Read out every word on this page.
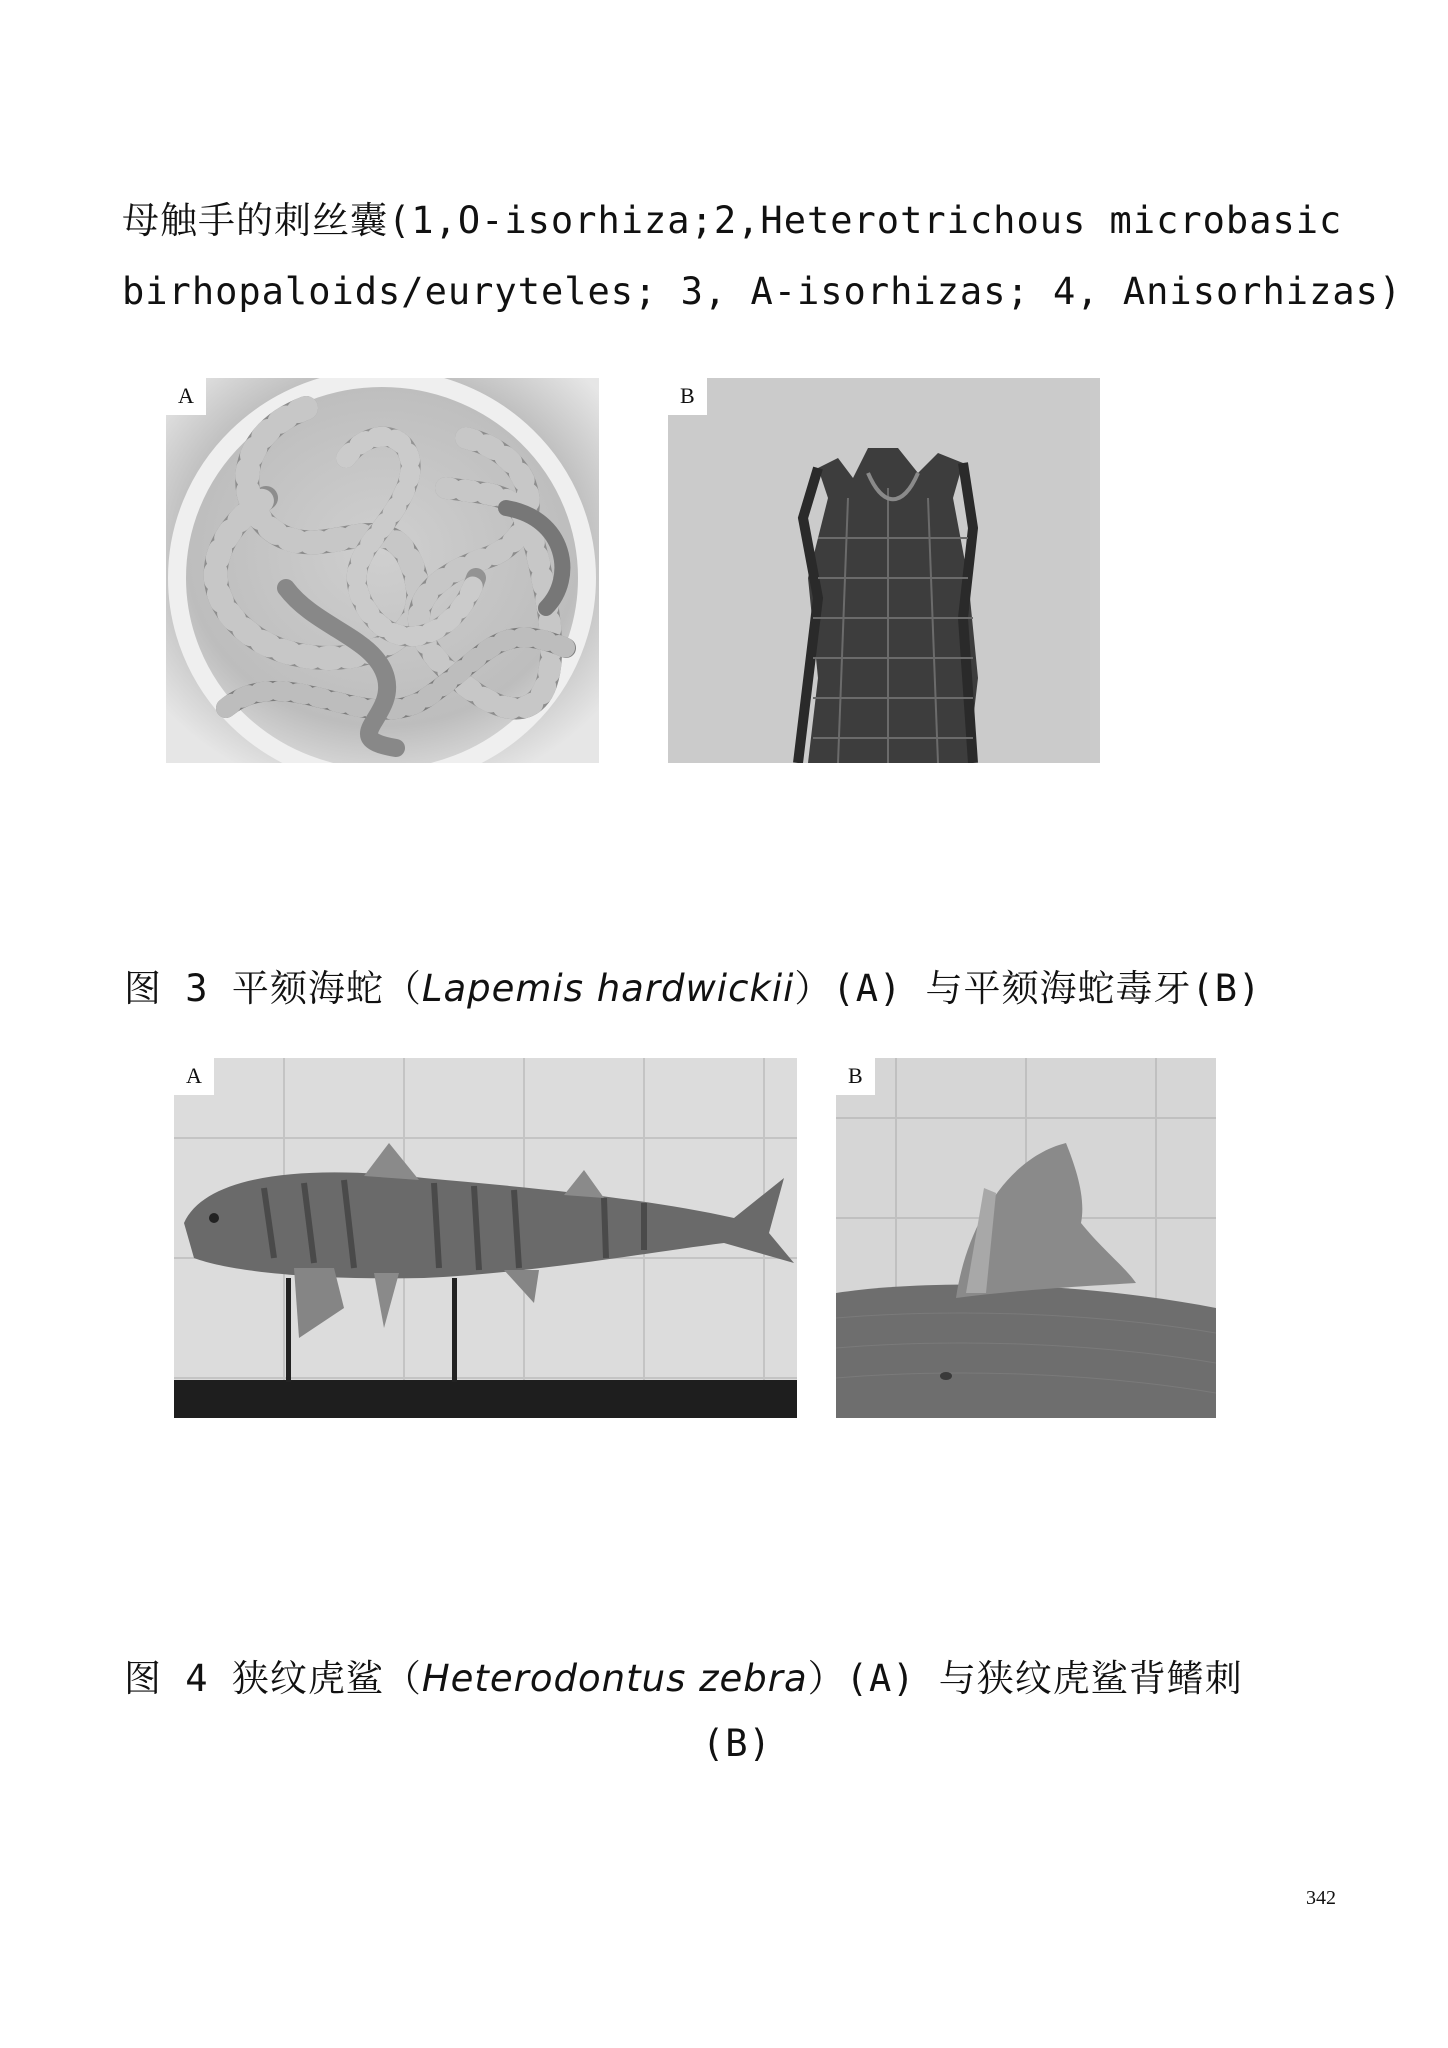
母触手的刺丝囊(1,O-isorhiza;2,Heterotrichous microbasic
birhopaloids/euryteles; 3, A-isorhizas; 4, Anisorhizas)
A	B
图 3 平颏海蛇（Lapemis hardwickii）(A) 与平颏海蛇毒牙(B)
A	B
图 4 狭纹虎鲨（Heterodontus zebra）(A) 与狭纹虎鲨背鳍刺
(B)
342
